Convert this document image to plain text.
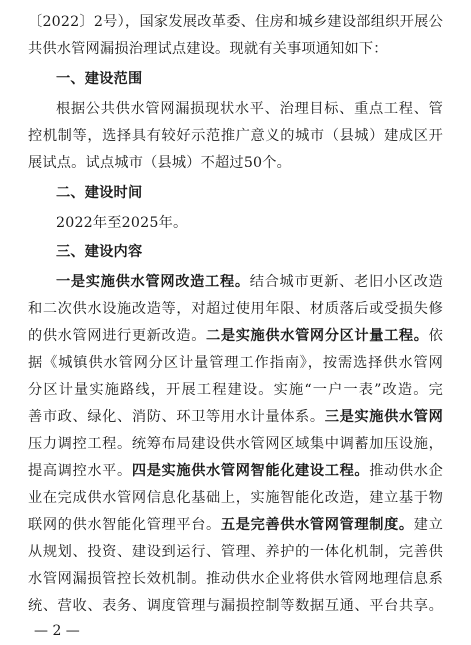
〔2022〕2号），国家发展改革委、住房和城乡建设部组织开展公
共供水管网漏损治理试点建设。现就有关事项通知如下：
一、建设范围
根据公共供水管网漏损现状水平、治理目标、重点工程、管
控机制等，选择具有较好示范推广意义的城市（县城）建成区开
展试点。试点城市（县城）不超过50个。
二、建设时间
2022年至2025年。
三、建设内容
一是实施供水管网改造工程。结合城市更新、老旧小区改造
和二次供水设施改造等，对超过使用年限、材质落后或受损失修
的供水管网进行更新改造。二是实施供水管网分区计量工程。依
据《城镇供水管网分区计量管理工作指南》，按需选择供水管网
分区计量实施路线，开展工程建设。实施“一户一表”改造。完
善市政、绿化、消防、环卫等用水计量体系。三是实施供水管网
压力调控工程。统筹布局建设供水管网区域集中调蓄加压设施，
提高调控水平。四是实施供水管网智能化建设工程。推动供水企
业在完成供水管网信息化基础上，实施智能化改造，建立基于物
联网的供水智能化管理平台。五是完善供水管网管理制度。建立
从规划、投资、建设到运行、管理、养护的一体化机制，完善供
水管网漏损管控长效机制。推动供水企业将供水管网地理信息系
统、营收、表务、调度管理与漏损控制等数据互通、平台共享。
— 2 —
